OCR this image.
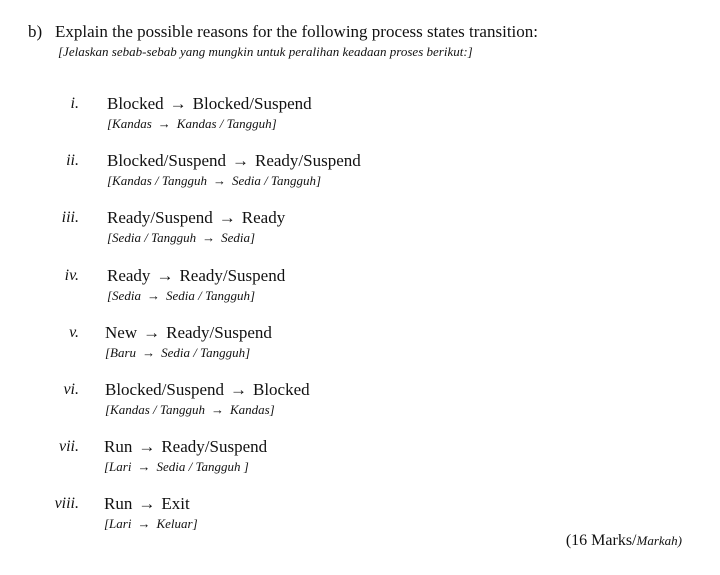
b) Explain the possible reasons for the following process states transition:
[Jelaskan sebab-sebab yang mungkin untuk peralihan keadaan proses berikut:]
i. Blocked → Blocked/Suspend
[Kandas → Kandas / Tangguh]
ii. Blocked/Suspend → Ready/Suspend
[Kandas / Tangguh → Sedia / Tangguh]
iii. Ready/Suspend → Ready
[Sedia / Tangguh → Sedia]
iv. Ready → Ready/Suspend
[Sedia → Sedia / Tangguh]
v. New → Ready/Suspend
[Baru → Sedia / Tangguh]
vi. Blocked/Suspend → Blocked
[Kandas / Tangguh → Kandas]
vii. Run → Ready/Suspend
[Lari → Sedia / Tangguh ]
viii. Run → Exit
[Lari → Keluar]
(16 Marks/Markah)
